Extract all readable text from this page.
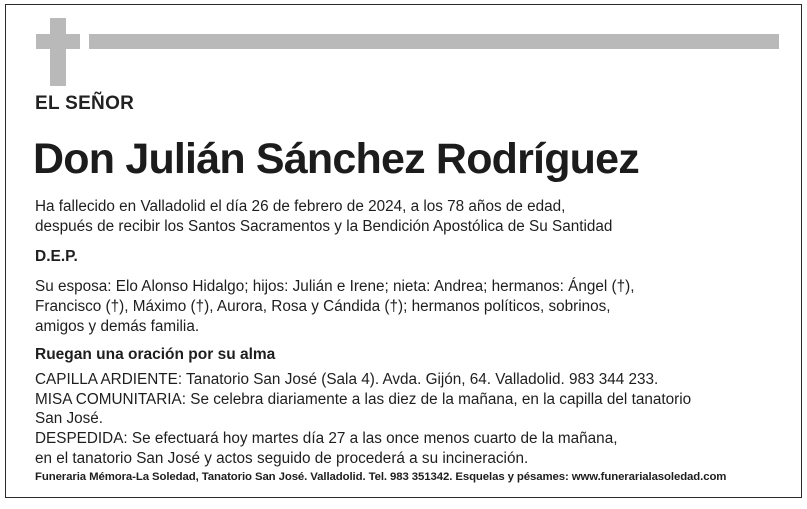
EL SEÑOR
Don Julián Sánchez Rodríguez
Ha fallecido en Valladolid el día 26 de febrero de 2024, a los 78 años de edad,
después de recibir los Santos Sacramentos y la Bendición Apostólica de Su Santidad
D.E.P.
Su esposa: Elo Alonso Hidalgo; hijos: Julián e Irene; nieta: Andrea; hermanos: Ángel (†),
Francisco (†), Máximo (†), Aurora, Rosa y Cándida (†); hermanos políticos, sobrinos,
amigos y demás familia.
Ruegan una oración por su alma
CAPILLA ARDIENTE: Tanatorio San José (Sala 4). Avda. Gijón, 64. Valladolid. 983 344 233.
MISA COMUNITARIA: Se celebra diariamente a las diez de la mañana, en la capilla del tanatorio
San José.
DESPEDIDA: Se efectuará hoy martes día 27 a las once menos cuarto de la mañana,
en el tanatorio San José y actos seguido de procederá a su incineración.
Funeraria Mémora-La Soledad, Tanatorio San José. Valladolid. Tel. 983 351342. Esquelas y pésames: www.funerarialasoledad.com
